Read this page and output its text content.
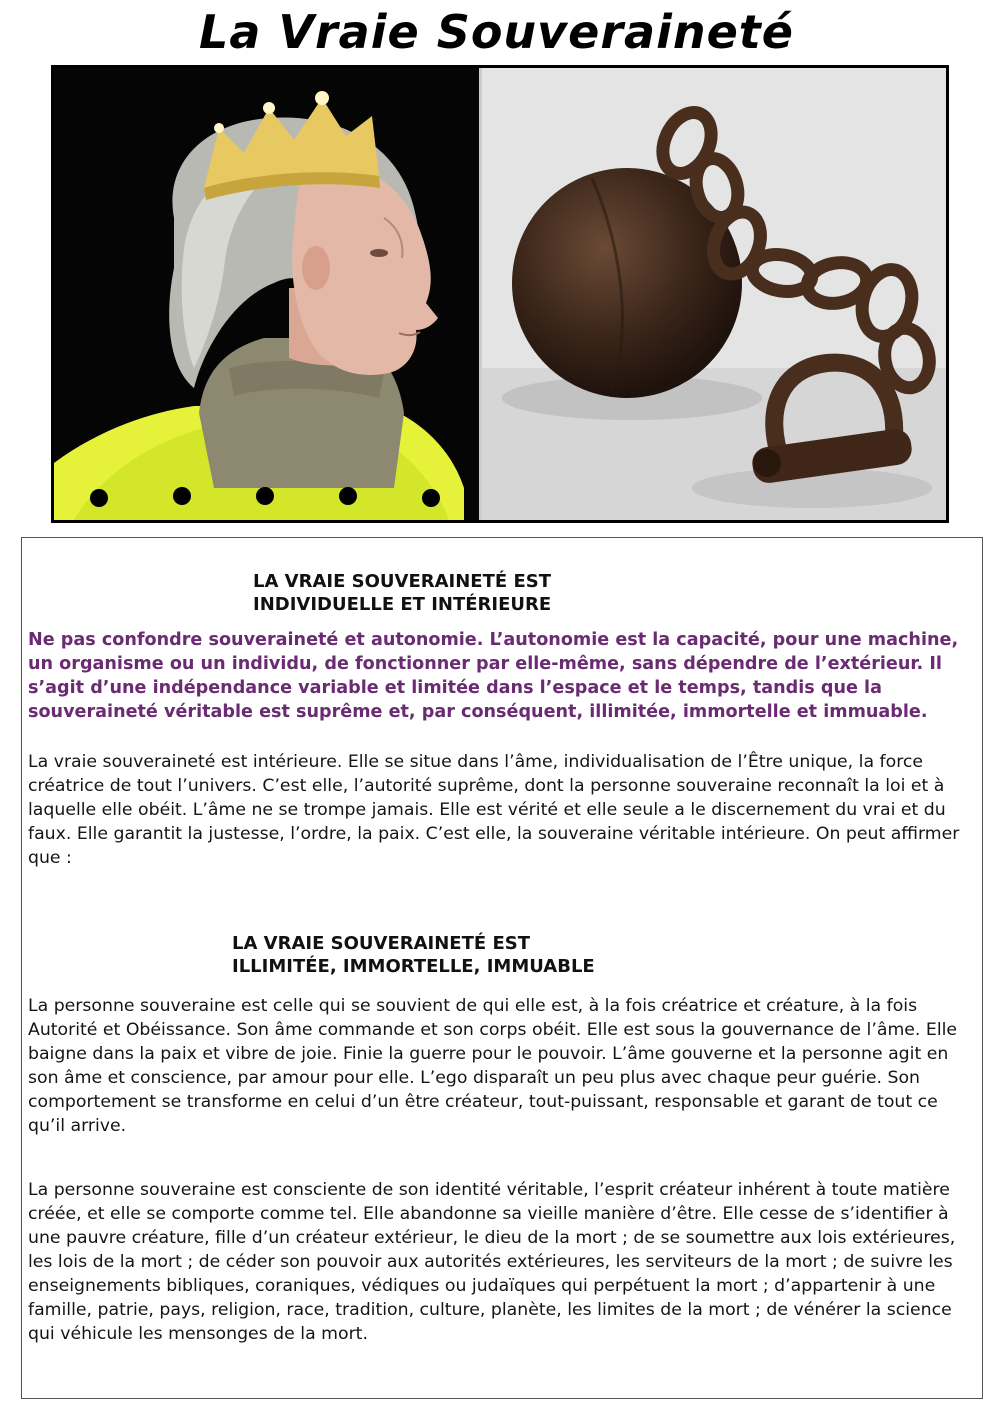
La Vraie Souveraineté
LA VRAIE SOUVERAINETÉ EST
INDIVIDUELLE ET INTÉRIEURE

Ne pas confondre souveraineté et autonomie. L’autonomie est la capacité, pour une machine, un organisme ou un individu, de fonctionner par elle-même, sans dépendre de l’extérieur. Il s’agit d’une indépendance variable et limitée dans l’espace et le temps, tandis que la souveraineté véritable est suprême et, par conséquent, illimitée, immortelle et immuable.

La vraie souveraineté est intérieure. Elle se situe dans l’âme, individualisation de l’Être unique, la force créatrice de tout l’univers. C’est elle, l’autorité suprême, dont la personne souveraine reconnaît la loi et à laquelle elle obéit. L’âme ne se trompe jamais. Elle est vérité et elle seule a le discernement du vrai et du faux. Elle garantit la justesse, l’ordre, la paix. C’est elle, la souveraine véritable intérieure. On peut affirmer que :

LA VRAIE SOUVERAINETÉ EST
ILLIMITÉE, IMMORTELLE, IMMUABLE

La personne souveraine est celle qui se souvient de qui elle est, à la fois créatrice et créature, à la fois Autorité et Obéissance. Son âme commande et son corps obéit. Elle est sous la gouvernance de l’âme. Elle baigne dans la paix et vibre de joie. Finie la guerre pour le pouvoir. L’âme gouverne et la personne agit en son âme et conscience, par amour pour elle. L’ego disparaît un peu plus avec chaque peur guérie. Son comportement se transforme en celui d’un être créateur, tout-puissant, responsable et garant de tout ce qu’il arrive.

La personne souveraine est consciente de son identité véritable, l’esprit créateur inhérent à toute matière créée, et elle se comporte comme tel. Elle abandonne sa vieille manière d’être. Elle cesse de s’identifier à une pauvre créature, fille d’un créateur extérieur, le dieu de la mort ; de se soumettre aux lois extérieures, les lois de la mort ; de céder son pouvoir aux autorités extérieures, les serviteurs de la mort ; de suivre les enseignements bibliques, coraniques, védiques ou judaïques qui perpétuent la mort ; d’appartenir à une famille, patrie, pays, religion, race, tradition, culture, planète, les limites de la mort ; de vénérer la science qui véhicule les mensonges de la mort.
